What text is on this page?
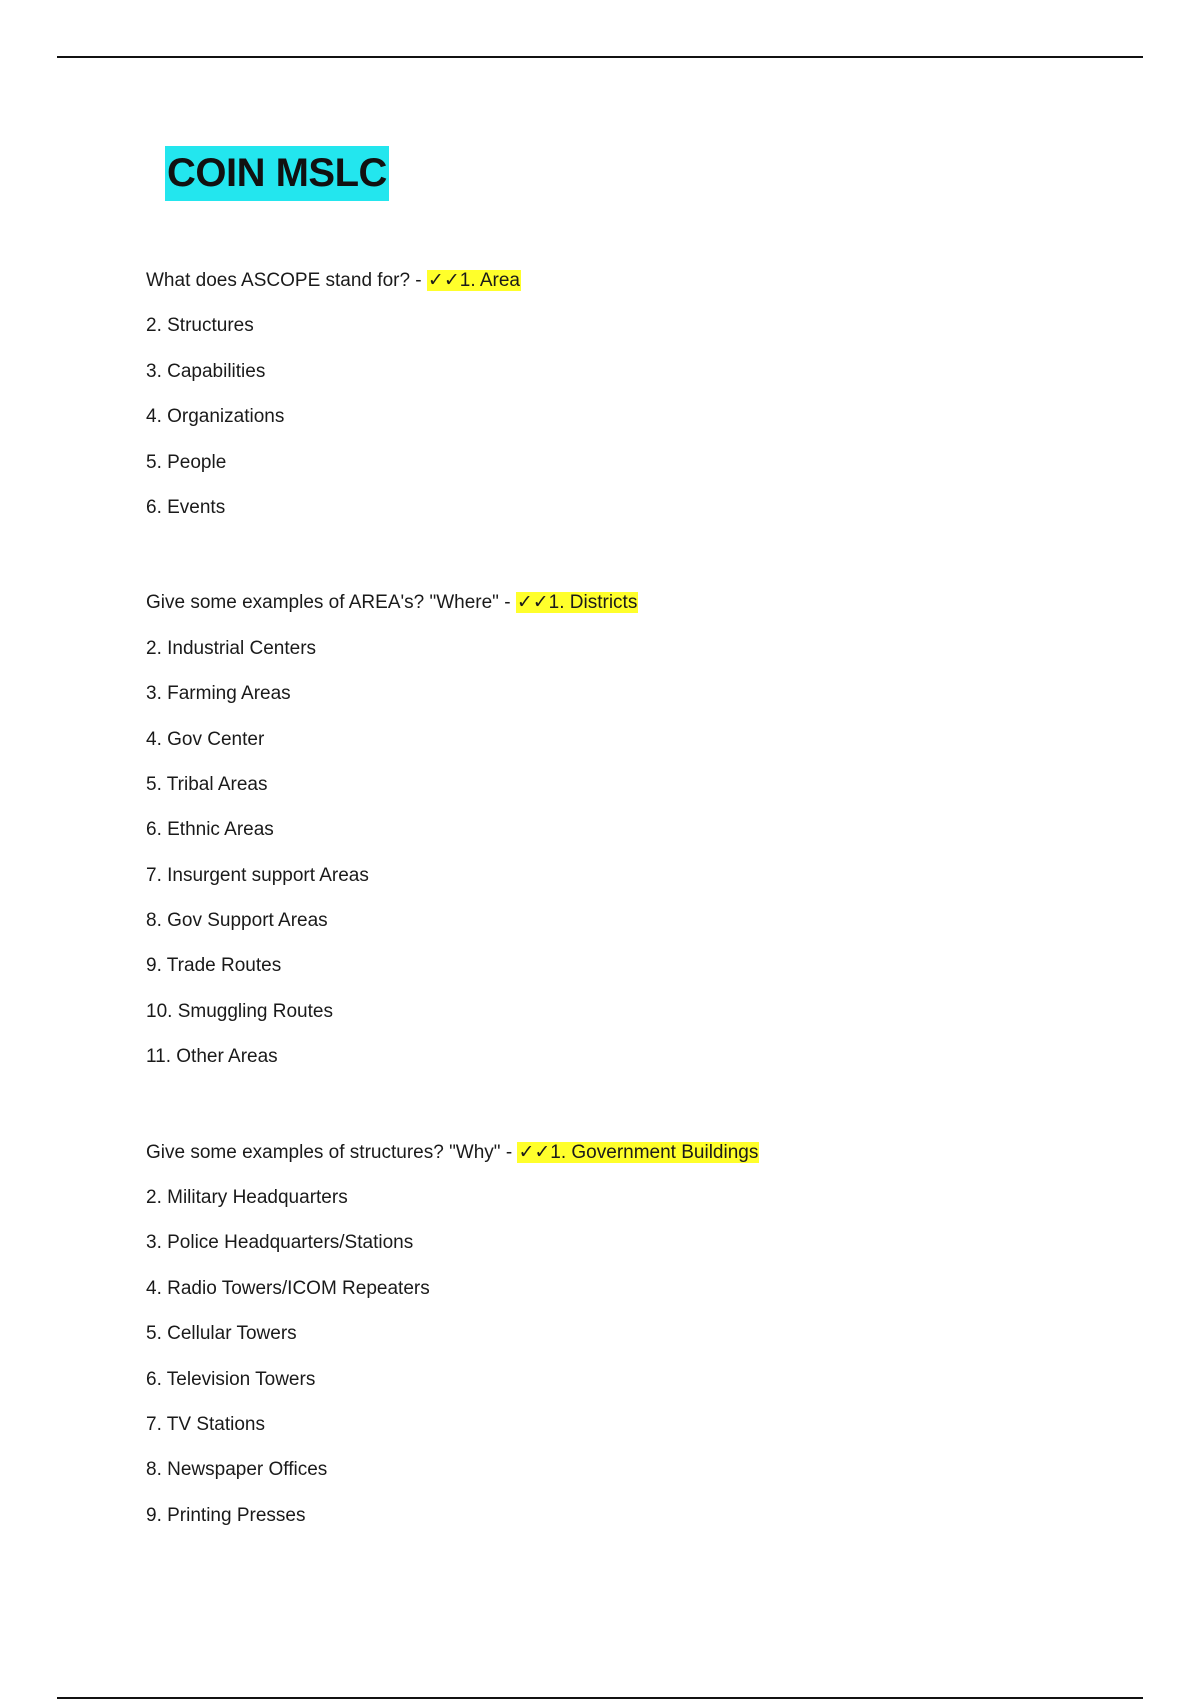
COIN MSLC
What does ASCOPE stand for? - ✓✓1. Area
2. Structures
3. Capabilities
4. Organizations
5. People
6. Events
Give some examples of AREA's? "Where" - ✓✓1. Districts
2. Industrial Centers
3. Farming Areas
4. Gov Center
5. Tribal Areas
6. Ethnic Areas
7. Insurgent support Areas
8. Gov Support Areas
9. Trade Routes
10. Smuggling Routes
11. Other Areas
Give some examples of structures? "Why" - ✓✓1. Government Buildings
2. Military Headquarters
3. Police Headquarters/Stations
4. Radio Towers/ICOM Repeaters
5. Cellular Towers
6. Television Towers
7. TV Stations
8. Newspaper Offices
9. Printing Presses
